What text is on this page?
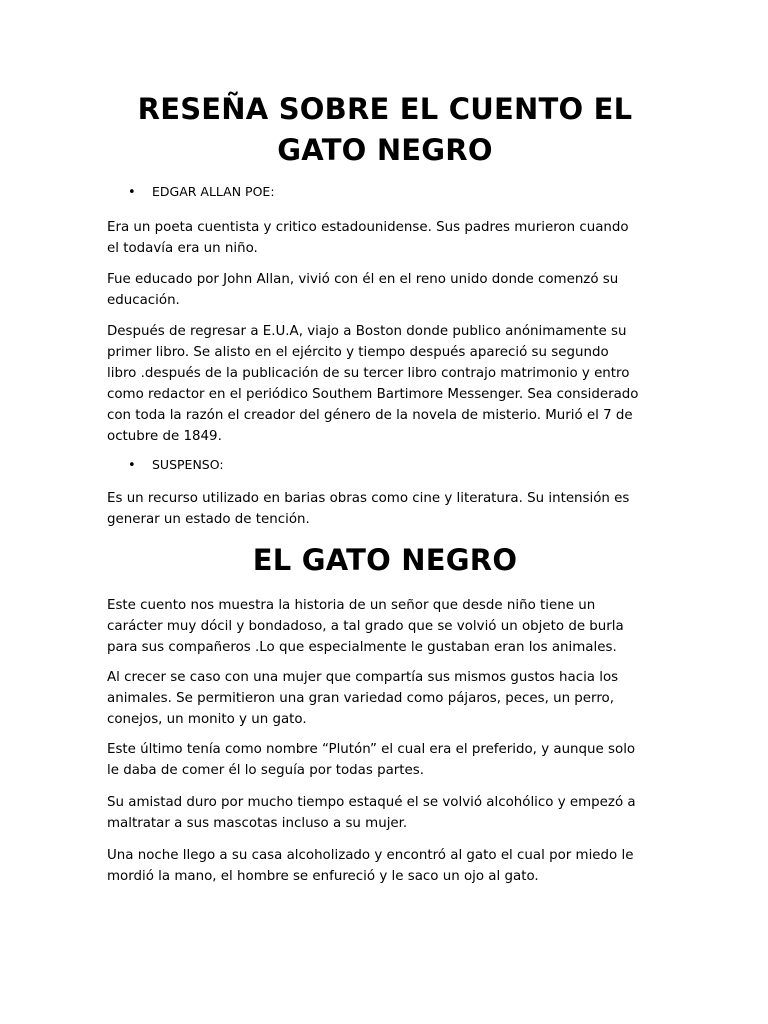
RESEÑA SOBRE EL CUENTO EL
GATO NEGRO

• EDGAR ALLAN POE:

Era un poeta cuentista y critico estadounidense. Sus padres murieron cuando
el todavía era un niño.

Fue educado por John Allan, vivió con él en el reno unido donde comenzó su
educación.

Después de regresar a E.U.A, viajo a Boston donde publico anónimamente su
primer libro. Se alisto en el ejército y tiempo después apareció su segundo
libro .después de la publicación de su tercer libro contrajo matrimonio y entro
como redactor en el periódico Southem Bartimore Messenger. Sea considerado
con toda la razón el creador del género de la novela de misterio. Murió el 7 de
octubre de 1849.

• SUSPENSO:

Es un recurso utilizado en barias obras como cine y literatura. Su intensión es
generar un estado de tención.

EL GATO NEGRO

Este cuento nos muestra la historia de un señor que desde niño tiene un
carácter muy dócil y bondadoso, a tal grado que se volvió un objeto de burla
para sus compañeros .Lo que especialmente le gustaban eran los animales.

Al crecer se caso con una mujer que compartía sus mismos gustos hacia los
animales. Se permitieron una gran variedad como pájaros, peces, un perro,
conejos, un monito y un gato.

Este último tenía como nombre “Plutón” el cual era el preferido, y aunque solo
le daba de comer él lo seguía por todas partes.

Su amistad duro por mucho tiempo estaqué el se volvió alcohólico y empezó a
maltratar a sus mascotas incluso a su mujer.

Una noche llego a su casa alcoholizado y encontró al gato el cual por miedo le
mordió la mano, el hombre se enfureció y le saco un ojo al gato.
